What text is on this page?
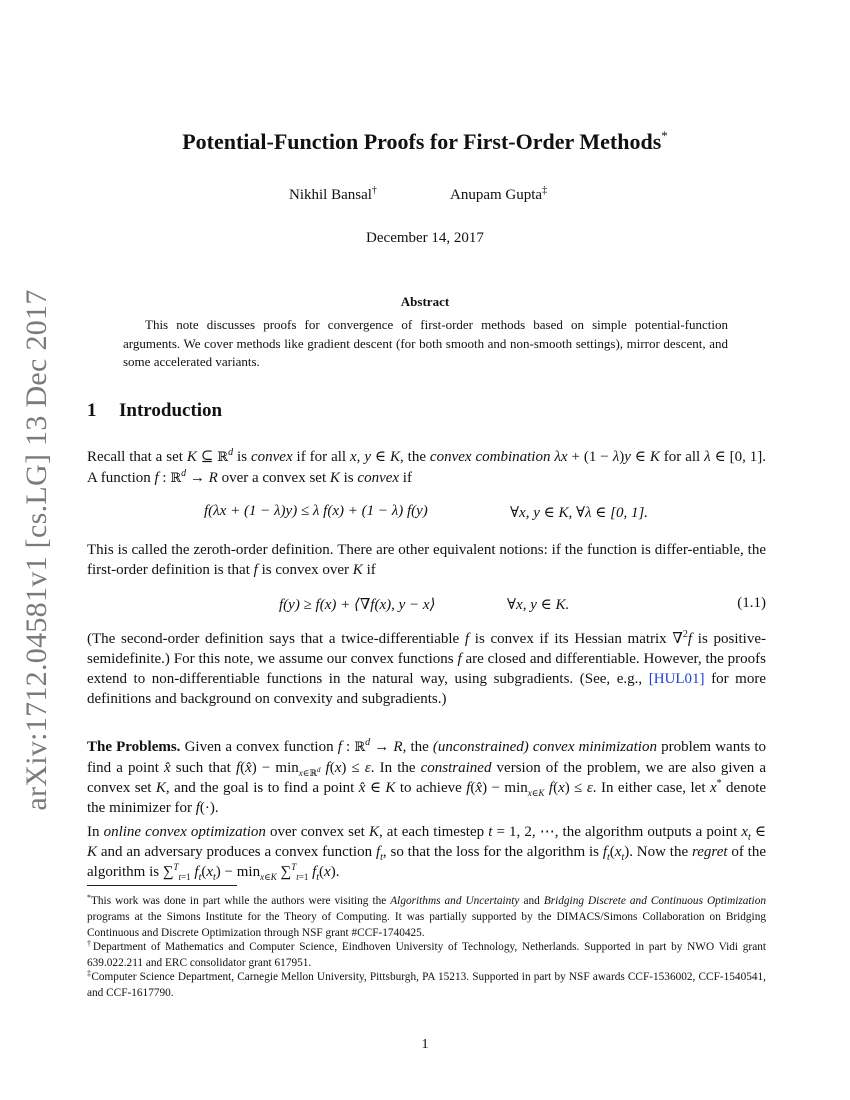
arXiv:1712.04581v1 [cs.LG] 13 Dec 2017
Potential-Function Proofs for First-Order Methods*
Nikhil Bansal†	Anupam Gupta‡
December 14, 2017
Abstract
This note discusses proofs for convergence of first-order methods based on simple potential-function arguments. We cover methods like gradient descent (for both smooth and non-smooth settings), mirror descent, and some accelerated variants.
1 Introduction
Recall that a set K ⊆ ℝ$^d$ is convex if for all x, y ∈ K, the convex combination λx + (1 − λ)y ∈ K for all λ ∈ [0, 1]. A function f : ℝ$^d$ → R over a convex set K is convex if
f(λx + (1 − λ)y) ≤ λ f(x) + (1 − λ) f(y)	∀x, y ∈ K, ∀λ ∈ [0, 1].
This is called the zeroth-order definition. There are other equivalent notions: if the function is differ-entiable, the first-order definition is that f is convex over K if
f(y) ≥ f(x) + ⟨∇f(x), y − x⟩	∀x, y ∈ K.	(1.1)
(The second-order definition says that a twice-differentiable f is convex if its Hessian matrix ∇$^2$f is positive-semidefinite.) For this note, we assume our convex functions f are closed and differentiable. However, the proofs extend to non-differentiable functions in the natural way, using subgradients. (See, e.g., [HUL01] for more definitions and background on convexity and subgradients.)
The Problems. Given a convex function f : ℝ$^d$ → R, the (unconstrained) convex minimization problem wants to find a point x̂ such that f(x̂) − $\min_{x\in ℝ^d} f(x) \le \varepsilon$. In the constrained version of the problem, we are also given a convex set K, and the goal is to find a point x̂ ∈ K to achieve f(x̂) − $\min_{x\in K} f(x) \le \varepsilon$. In either case, let x* denote the minimizer for f(·).
In online convex optimization over convex set K, at each timestep t = 1, 2, ⋯, the algorithm outputs a point $x_t$ ∈ K and an adversary produces a convex function $f_t$, so that the loss for the algorithm is $f_t(x_t)$. Now the regret of the algorithm is ∑$^T_{t=1}$ $f_t(x_t) - \min_{x\in K} \sum^T_{t=1}$ $f_t(x)$.
*This work was done in part while the authors were visiting the Algorithms and Uncertainty and Bridging Discrete and Continuous Optimization programs at the Simons Institute for the Theory of Computing. It was partially supported by the DIMACS/Simons Collaboration on Bridging Continuous and Discrete Optimization through NSF grant #CCF-1740425.
†Department of Mathematics and Computer Science, Eindhoven University of Technology, Netherlands. Supported in part by NWO Vidi grant 639.022.211 and ERC consolidator grant 617951.
‡Computer Science Department, Carnegie Mellon University, Pittsburgh, PA 15213. Supported in part by NSF awards CCF-1536002, CCF-1540541, and CCF-1617790.
1
